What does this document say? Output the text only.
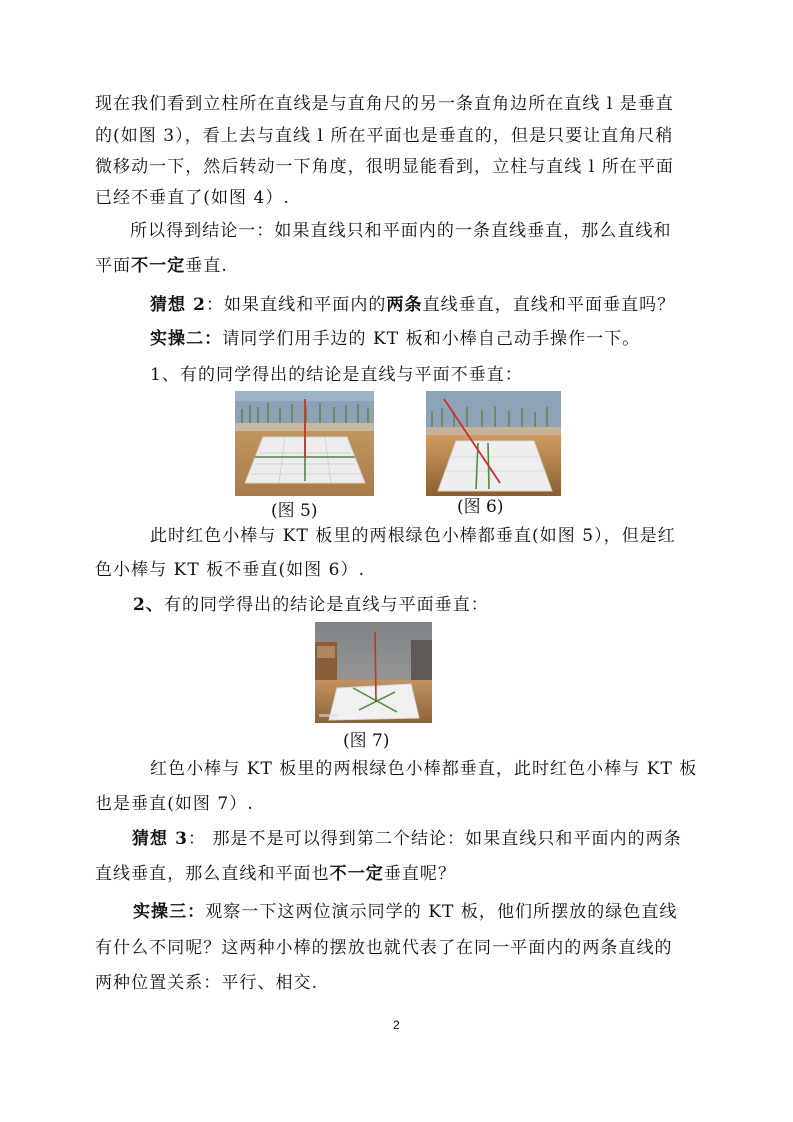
现在我们看到立柱所在直线是与直角尺的另一条直角边所在直线 l 是垂直
的(如图 3），看上去与直线 l 所在平面也是垂直的，但是只要让直角尺稍
微移动一下，然后转动一下角度，很明显能看到，立柱与直线 l 所在平面
已经不垂直了(如图 4）.
所以得到结论一：如果直线只和平面内的一条直线垂直，那么直线和
平面不一定垂直.
猜想 2：如果直线和平面内的两条直线垂直，直线和平面垂直吗？
实操二：请同学们用手边的 KT 板和小棒自己动手操作一下。
1、有的同学得出的结论是直线与平面不垂直：
(图 5)	(图 6)
此时红色小棒与 KT 板里的两根绿色小棒都垂直(如图 5），但是红
色小棒与 KT 板不垂直(如图 6）.
2、有的同学得出的结论是直线与平面垂直：
(图 7)
红色小棒与 KT 板里的两根绿色小棒都垂直，此时红色小棒与 KT 板
也是垂直(如图 7）.
猜想 3： 那是不是可以得到第二个结论：如果直线只和平面内的两条
直线垂直，那么直线和平面也不一定垂直呢？
实操三：观察一下这两位演示同学的 KT 板，他们所摆放的绿色直线
有什么不同呢？这两种小棒的摆放也就代表了在同一平面内的两条直线的
两种位置关系：平行、相交.
2
